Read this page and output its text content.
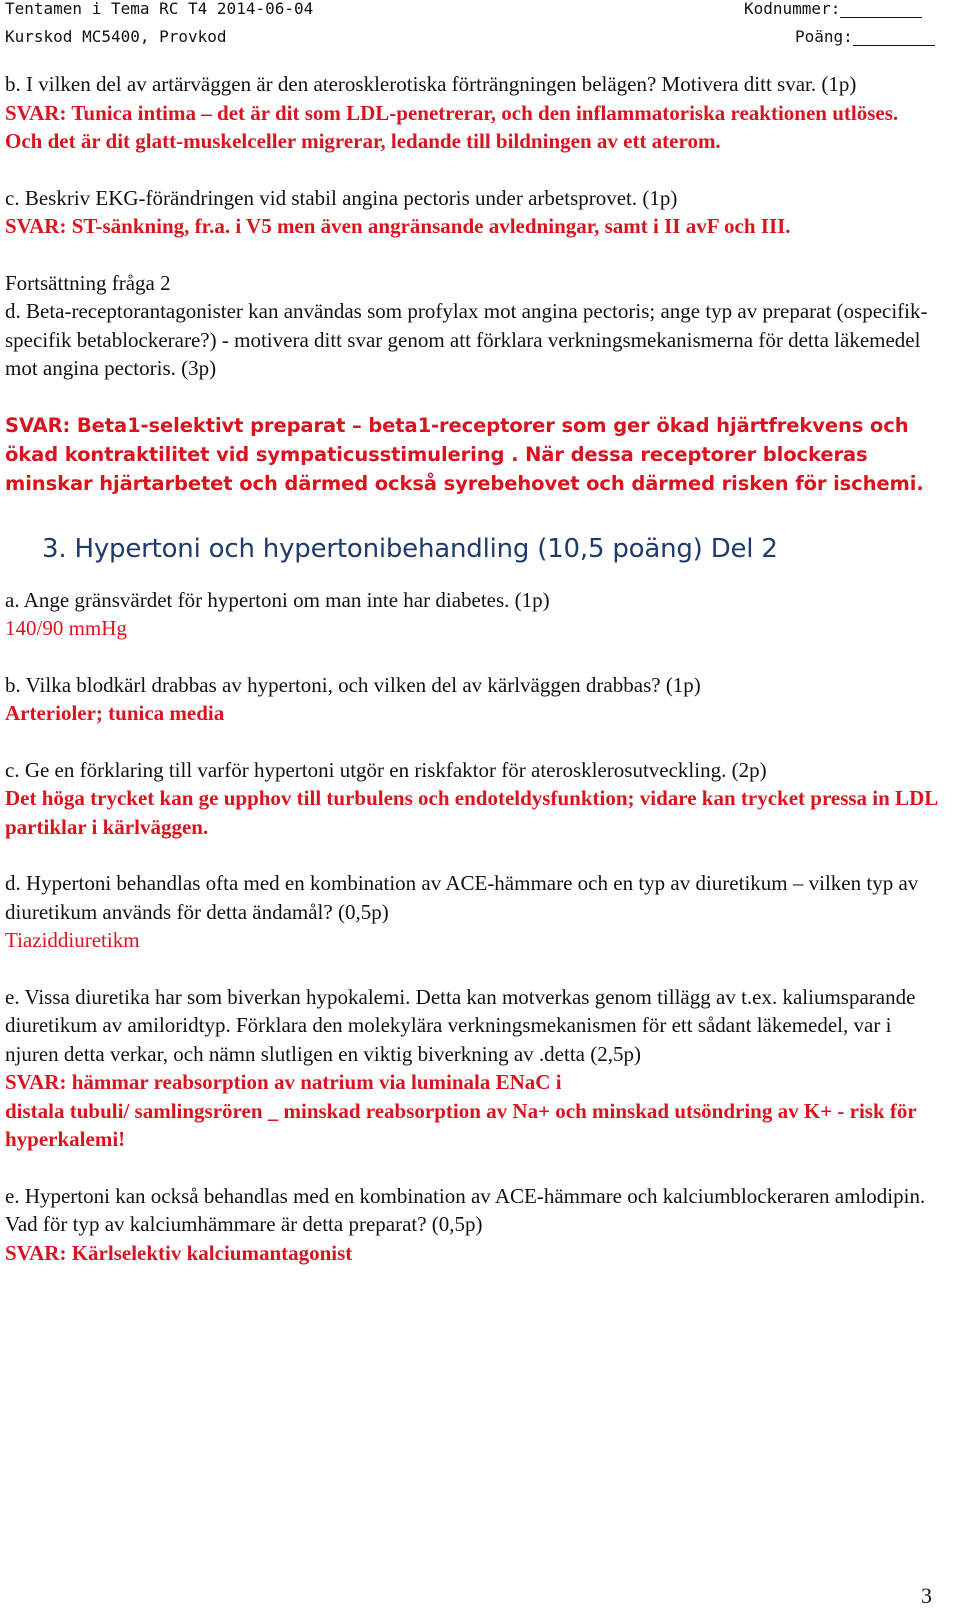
Tentamen i Tema RC T4 2014-06-04
Kurskod MC5400, Provkod
Kodnummer:
Poäng:

b. I vilken del av artärväggen är den aterosklerotiska förträngningen belägen? Motivera ditt svar. (1p)

SVAR: Tunica intima – det är dit som LDL-penetrerar, och den inflammatoriska reaktionen utlöses. Och det är dit glatt-muskelceller migrerar, ledande till bildningen av ett aterom.

c. Beskriv EKG-förändringen vid stabil angina pectoris under arbetsprovet. (1p)

SVAR: ST-sänkning, fr.a. i V5 men även angränsande avledningar, samt i II avF och III.

Fortsättning fråga 2

d. Beta-receptorantagonister kan användas som profylax mot angina pectoris; ange typ av preparat (ospecifik-specifik betablockerare?) - motivera ditt svar genom att förklara verkningsmekanismerna för detta läkemedel mot angina pectoris. (3p)

SVAR: Beta1-selektivt preparat – beta1-receptorer som ger ökad hjärtfrekvens och ökad kontraktilitet vid sympaticusstimulering . När dessa receptorer blockeras minskar hjärtarbetet och därmed också syrebehovet och därmed risken för ischemi.

3. Hypertoni och hypertonibehandling (10,5 poäng) Del 2

a. Ange gränsvärdet för hypertoni om man inte har diabetes. (1p)

140/90 mmHg

b. Vilka blodkärl drabbas av hypertoni, och vilken del av kärlväggen drabbas? (1p)

Arterioler; tunica media

c. Ge en förklaring till varför hypertoni utgör en riskfaktor för aterosklerosutveckling. (2p)

Det höga trycket kan ge upphov till turbulens och endoteldysfunktion; vidare kan trycket pressa in LDL partiklar i kärlväggen.

d. Hypertoni behandlas ofta med en kombination av ACE-hämmare och en typ av diuretikum – vilken typ av diuretikum används för detta ändamål? (0,5p)

Tiaziddiuretikm

e. Vissa diuretika har som biverkan hypokalemi. Detta kan motverkas genom tillägg av t.ex. kaliumsparande diuretikum av amiloridtyp. Förklara den molekylära verkningsmekanismen för ett sådant läkemedel, var i njuren detta verkar, och nämn slutligen en viktig biverkning av .detta (2,5p)

SVAR: hämmar reabsorption av natrium via luminala ENaC i

distala tubuli/ samlingsrören _ minskad reabsorption av Na+ och minskad utsöndring av K+ - risk för hyperkalemi!

e. Hypertoni kan också behandlas med en kombination av ACE-hämmare och kalciumblockeraren amlodipin. Vad för typ av kalciumhämmare är detta preparat? (0,5p)

SVAR: Kärlselektiv kalciumantagonist

3
